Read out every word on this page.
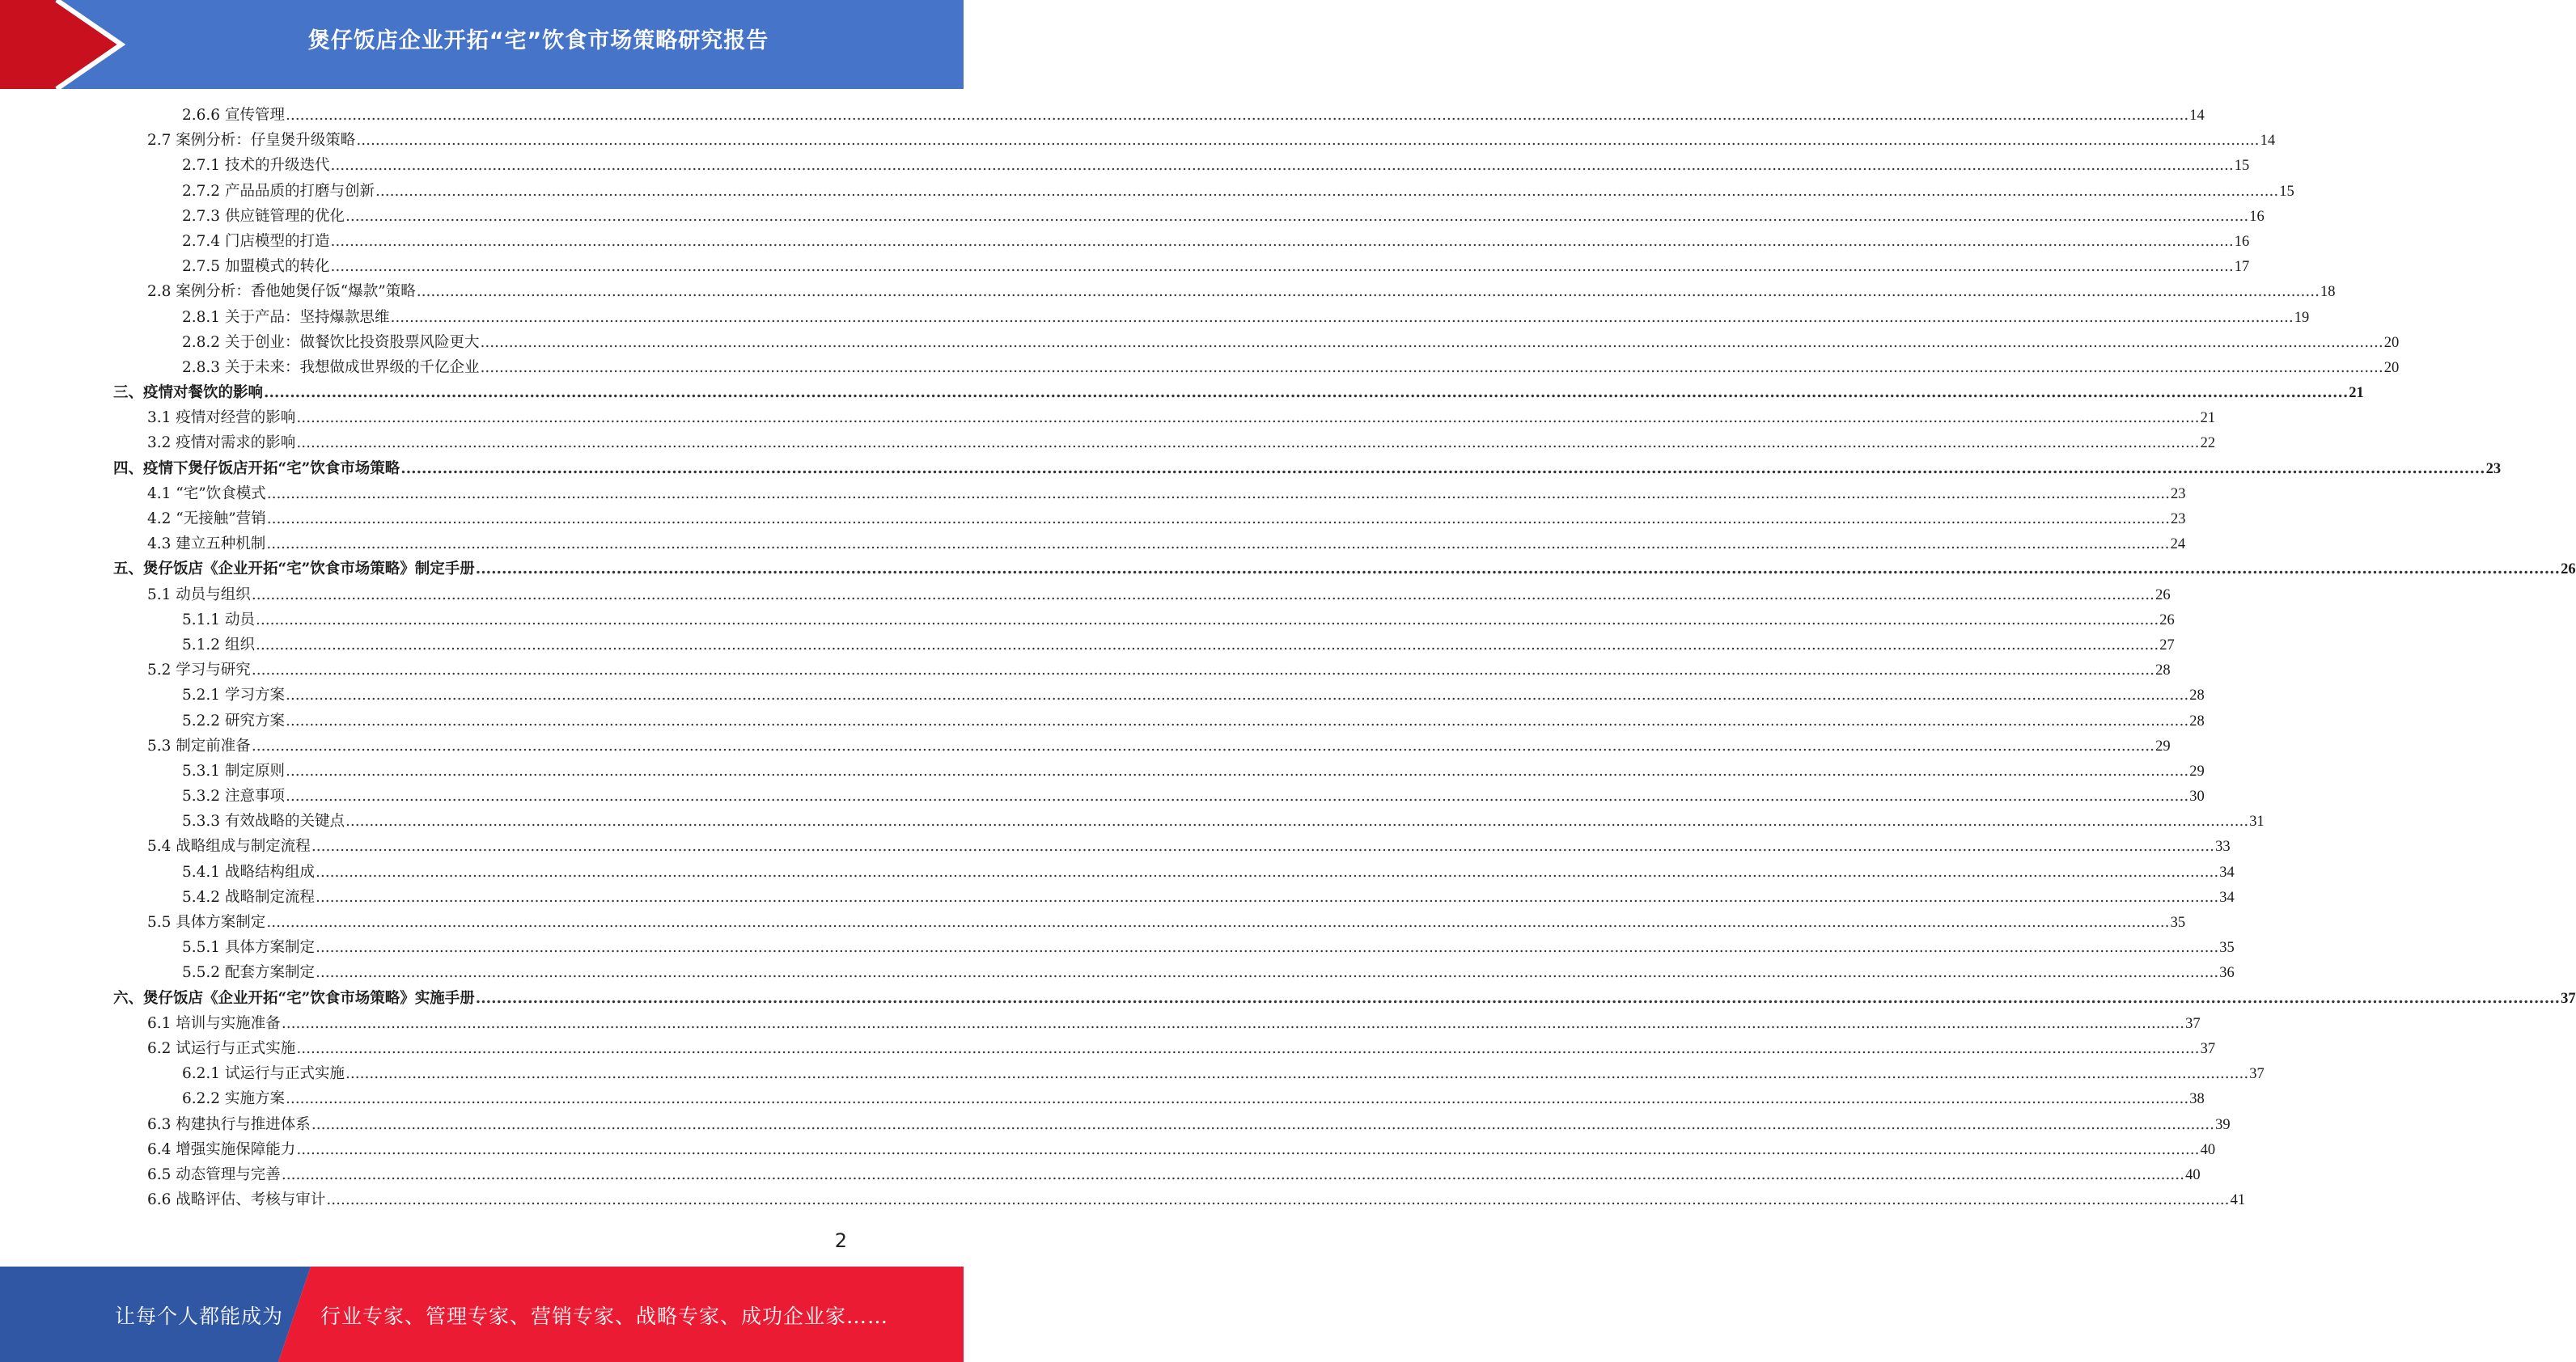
煲仔饭店企业开拓“宅”饮食市场策略研究报告
2.6.6 宣传管理 ................................................................................................................................................................................................................................................................................................................................................................................................................ 14
2.7 案例分析：仔皇煲升级策略 ................................................................................................................................................................................................................................................................................................................................................................................................................ 14
2.7.1 技术的升级迭代 ................................................................................................................................................................................................................................................................................................................................................................................................................ 15
2.7.2 产品品质的打磨与创新 ................................................................................................................................................................................................................................................................................................................................................................................................................ 15
2.7.3 供应链管理的优化 ................................................................................................................................................................................................................................................................................................................................................................................................................ 16
2.7.4 门店模型的打造 ................................................................................................................................................................................................................................................................................................................................................................................................................ 16
2.7.5 加盟模式的转化 ................................................................................................................................................................................................................................................................................................................................................................................................................ 17
2.8 案例分析：香他她煲仔饭“爆款”策略 ................................................................................................................................................................................................................................................................................................................................................................................................................ 18
2.8.1 关于产品：坚持爆款思维 ................................................................................................................................................................................................................................................................................................................................................................................................................ 19
2.8.2 关于创业：做餐饮比投资股票风险更大 ................................................................................................................................................................................................................................................................................................................................................................................................................ 20
2.8.3 关于未来：我想做成世界级的千亿企业 ................................................................................................................................................................................................................................................................................................................................................................................................................ 20
三、疫情对餐饮的影响 ................................................................................................................................................................................................................................................................................................................................................................................................................ 21
3.1 疫情对经营的影响 ................................................................................................................................................................................................................................................................................................................................................................................................................ 21
3.2 疫情对需求的影响 ................................................................................................................................................................................................................................................................................................................................................................................................................ 22
四、疫情下煲仔饭店开拓“宅”饮食市场策略 ................................................................................................................................................................................................................................................................................................................................................................................................................ 23
4.1 “宅”饮食模式 ................................................................................................................................................................................................................................................................................................................................................................................................................ 23
4.2 “无接触”营销 ................................................................................................................................................................................................................................................................................................................................................................................................................ 23
4.3 建立五种机制 ................................................................................................................................................................................................................................................................................................................................................................................................................ 24
五、煲仔饭店《企业开拓“宅”饮食市场策略》制定手册 ................................................................................................................................................................................................................................................................................................................................................................................................................ 26
5.1 动员与组织 ................................................................................................................................................................................................................................................................................................................................................................................................................ 26
5.1.1 动员 ................................................................................................................................................................................................................................................................................................................................................................................................................ 26
5.1.2 组织 ................................................................................................................................................................................................................................................................................................................................................................................................................ 27
5.2 学习与研究 ................................................................................................................................................................................................................................................................................................................................................................................................................ 28
5.2.1 学习方案 ................................................................................................................................................................................................................................................................................................................................................................................................................ 28
5.2.2 研究方案 ................................................................................................................................................................................................................................................................................................................................................................................................................ 28
5.3 制定前准备 ................................................................................................................................................................................................................................................................................................................................................................................................................ 29
5.3.1 制定原则 ................................................................................................................................................................................................................................................................................................................................................................................................................ 29
5.3.2 注意事项 ................................................................................................................................................................................................................................................................................................................................................................................................................ 30
5.3.3 有效战略的关键点 ................................................................................................................................................................................................................................................................................................................................................................................................................ 31
5.4 战略组成与制定流程 ................................................................................................................................................................................................................................................................................................................................................................................................................ 33
5.4.1 战略结构组成 ................................................................................................................................................................................................................................................................................................................................................................................................................ 34
5.4.2 战略制定流程 ................................................................................................................................................................................................................................................................................................................................................................................................................ 34
5.5 具体方案制定 ................................................................................................................................................................................................................................................................................................................................................................................................................ 35
5.5.1 具体方案制定 ................................................................................................................................................................................................................................................................................................................................................................................................................ 35
5.5.2 配套方案制定 ................................................................................................................................................................................................................................................................................................................................................................................................................ 36
六、煲仔饭店《企业开拓“宅”饮食市场策略》实施手册 ................................................................................................................................................................................................................................................................................................................................................................................................................ 37
6.1 培训与实施准备 ................................................................................................................................................................................................................................................................................................................................................................................................................ 37
6.2 试运行与正式实施 ................................................................................................................................................................................................................................................................................................................................................................................................................ 37
6.2.1 试运行与正式实施 ................................................................................................................................................................................................................................................................................................................................................................................................................ 37
6.2.2 实施方案 ................................................................................................................................................................................................................................................................................................................................................................................................................ 38
6.3 构建执行与推进体系 ................................................................................................................................................................................................................................................................................................................................................................................................................ 39
6.4 增强实施保障能力 ................................................................................................................................................................................................................................................................................................................................................................................................................ 40
6.5 动态管理与完善 ................................................................................................................................................................................................................................................................................................................................................................................................................ 40
6.6 战略评估、考核与审计 ................................................................................................................................................................................................................................................................................................................................................................................................................ 41
2
让每个人都能成为 行业专家、管理专家、营销专家、战略专家、成功企业家……
